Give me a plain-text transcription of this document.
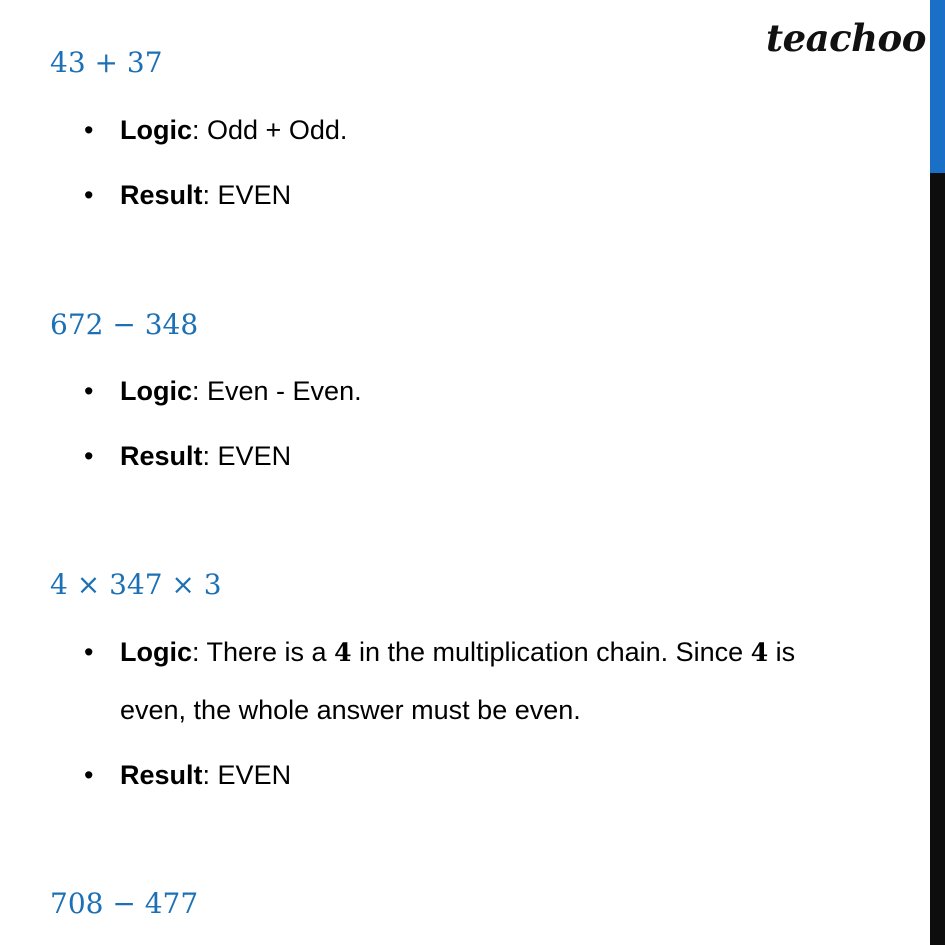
teachoo
43 + 37
• Logic: Odd + Odd.
• Result: EVEN
672 − 348
• Logic: Even - Even.
• Result: EVEN
4 × 347 × 3
• Logic: There is a 4 in the multiplication chain. Since 4 is
even, the whole answer must be even.
• Result: EVEN
708 − 477
